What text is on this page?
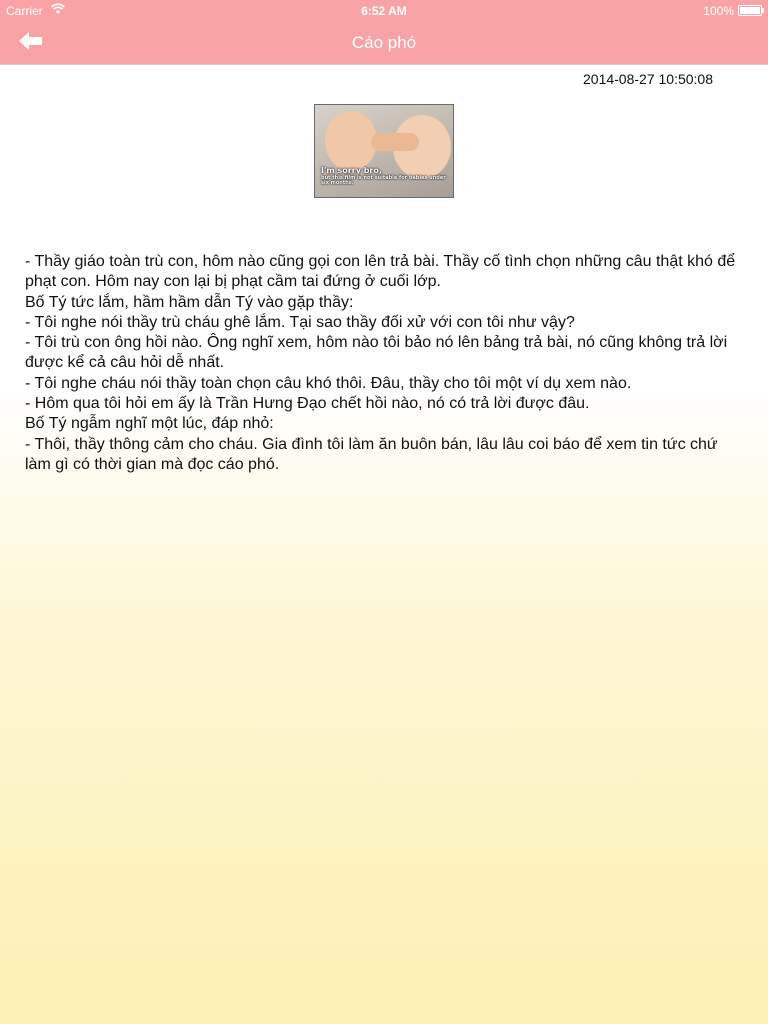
Carrier	6:52 AM	100%
Cáo phó
2014-08-27 10:50:08
I'm sorry bro,
but this film is not suitable for babies under six months.

- Thầy giáo toàn trù con, hôm nào cũng gọi con lên trả bài. Thầy cố tình chọn những câu thật khó để phạt con. Hôm nay con lại bị phạt cầm tai đứng ở cuối lớp.

Bố Tý tức lắm, hầm hầm dẫn Tý vào gặp thầy:

- Tôi nghe nói thầy trù cháu ghê lắm. Tại sao thầy đối xử với con tôi như vậy?

- Tôi trù con ông hồi nào. Ông nghĩ xem, hôm nào tôi bảo nó lên bảng trả bài, nó cũng không trả lời được kể cả câu hỏi dễ nhất.

- Tôi nghe cháu nói thầy toàn chọn câu khó thôi. Đâu, thầy cho tôi một ví dụ xem nào.

- Hôm qua tôi hỏi em ấy là Trần Hưng Đạo chết hồi nào, nó có trả lời được đâu.

Bố Tý ngẫm nghĩ một lúc, đáp nhỏ:

- Thôi, thầy thông cảm cho cháu. Gia đình tôi làm ăn buôn bán, lâu lâu coi báo để xem tin tức chứ làm gì có thời gian mà đọc cáo phó.
